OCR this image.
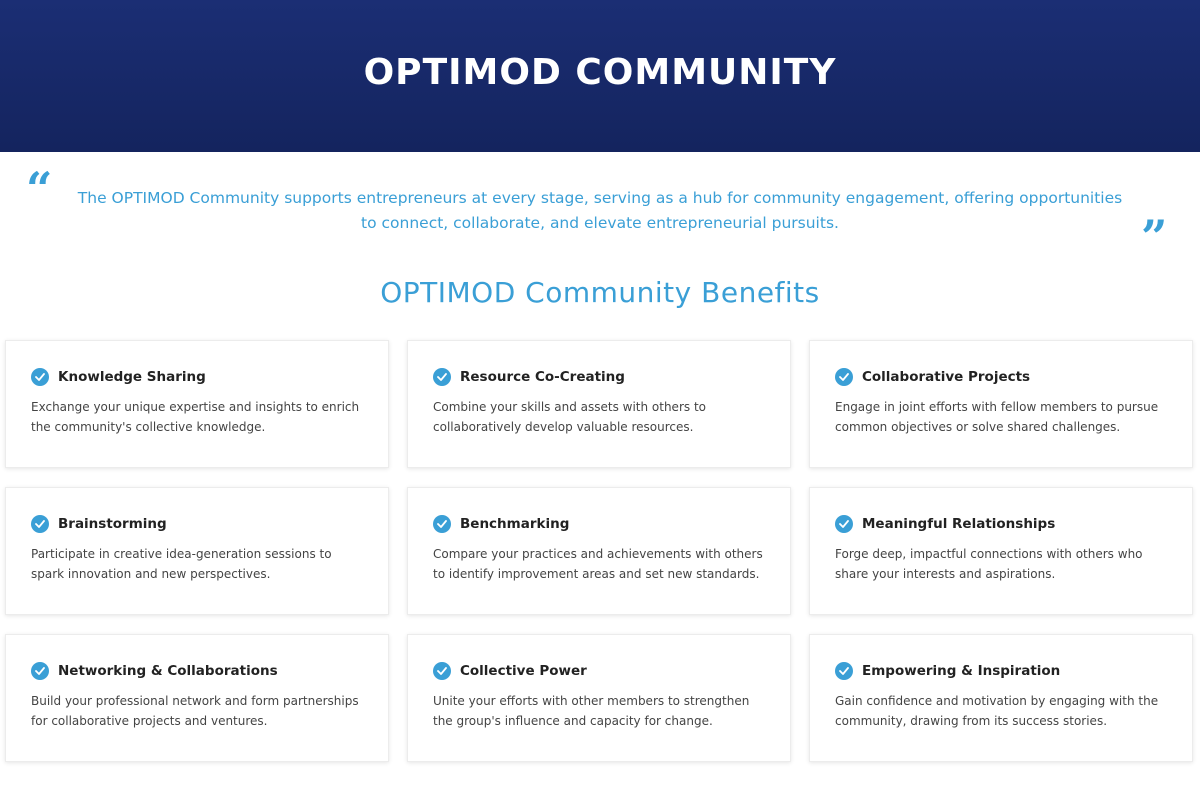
OPTIMOD COMMUNITY
“	The OPTIMOD Community supports entrepreneurs at every stage, serving as a hub for community engagement, offering opportunities to connect, collaborate, and elevate entrepreneurial pursuits.	”
OPTIMOD Community Benefits
Knowledge Sharing

Exchange your unique expertise and insights to enrich the community's collective knowledge.

Resource Co-Creating

Combine your skills and assets with others to collaboratively develop valuable resources.

Collaborative Projects

Engage in joint efforts with fellow members to pursue common objectives or solve shared challenges.

Brainstorming

Participate in creative idea-generation sessions to spark innovation and new perspectives.

Benchmarking

Compare your practices and achievements with others to identify improvement areas and set new standards.

Meaningful Relationships

Forge deep, impactful connections with others who share your interests and aspirations.

Networking & Collaborations

Build your professional network and form partnerships for collaborative projects and ventures.

Collective Power

Unite your efforts with other members to strengthen the group's influence and capacity for change.

Empowering & Inspiration

Gain confidence and motivation by engaging with the community, drawing from its success stories.
